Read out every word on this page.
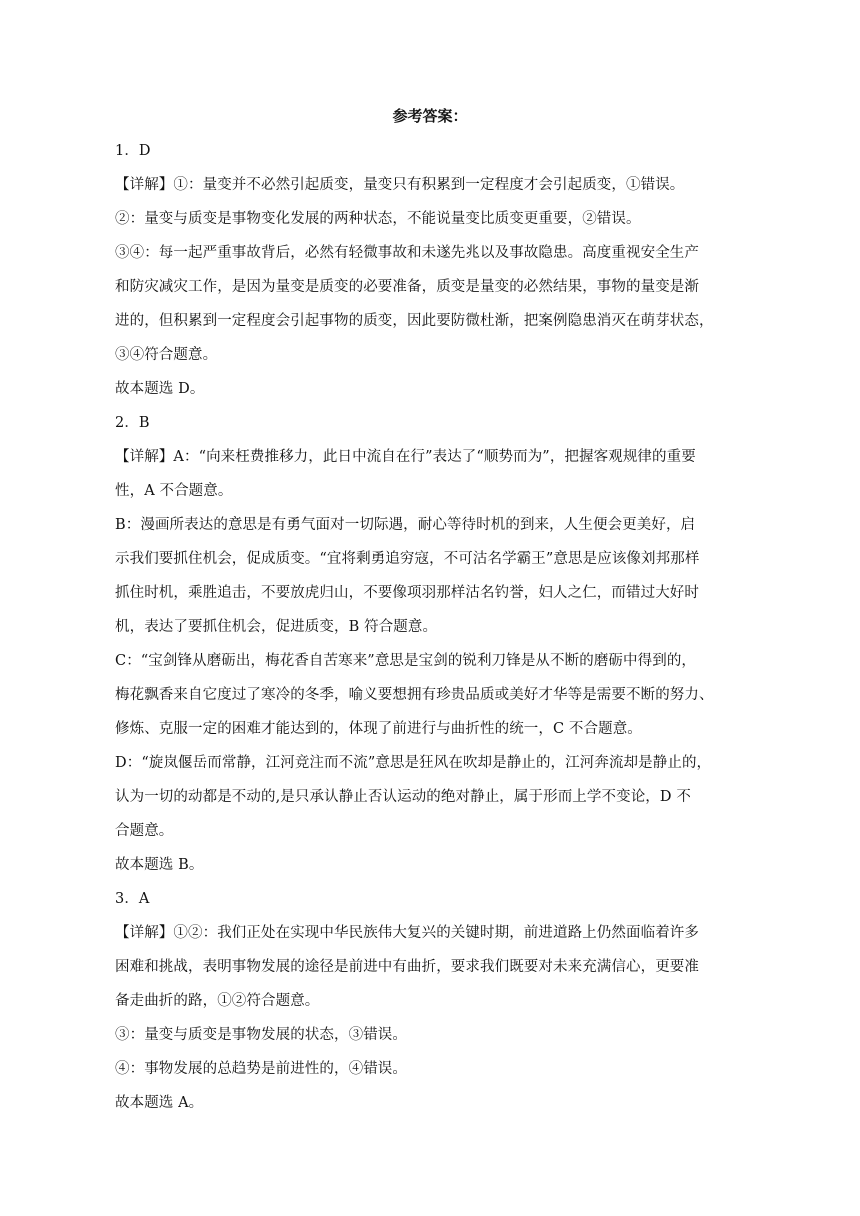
参考答案：
1．D
【详解】①：量变并不必然引起质变，量变只有积累到一定程度才会引起质变，①错误。
②：量变与质变是事物变化发展的两种状态，不能说量变比质变更重要，②错误。
③④：每一起严重事故背后，必然有轻微事故和未遂先兆以及事故隐患。高度重视安全生产
和防灾减灾工作，是因为量变是质变的必要准备，质变是量变的必然结果，事物的量变是渐
进的，但积累到一定程度会引起事物的质变，因此要防微杜渐，把案例隐患消灭在萌芽状态，
③④符合题意。
故本题选 D。
2．B
【详解】A：“向来枉费推移力，此日中流自在行”表达了“顺势而为”，把握客观规律的重要
性，A 不合题意。
B：漫画所表达的意思是有勇气面对一切际遇，耐心等待时机的到来，人生便会更美好，启
示我们要抓住机会，促成质变。“宜将剩勇追穷寇，不可沽名学霸王”意思是应该像刘邦那样
抓住时机，乘胜追击，不要放虎归山，不要像项羽那样沽名钓誉，妇人之仁，而错过大好时
机，表达了要抓住机会，促进质变，B 符合题意。
C：“宝剑锋从磨砺出，梅花香自苦寒来”意思是宝剑的锐利刀锋是从不断的磨砺中得到的，
梅花飘香来自它度过了寒冷的冬季，喻义要想拥有珍贵品质或美好才华等是需要不断的努力、
修炼、克服一定的困难才能达到的，体现了前进行与曲折性的统一，C 不合题意。
D：“旋岚偃岳而常静，江河竞注而不流”意思是狂风在吹却是静止的，江河奔流却是静止的，
认为一切的动都是不动的,是只承认静止否认运动的绝对静止，属于形而上学不变论，D 不
合题意。
故本题选 B。
3．A
【详解】①②：我们正处在实现中华民族伟大复兴的关键时期，前进道路上仍然面临着许多
困难和挑战，表明事物发展的途径是前进中有曲折，要求我们既要对未来充满信心，更要准
备走曲折的路，①②符合题意。
③：量变与质变是事物发展的状态，③错误。
④：事物发展的总趋势是前进性的，④错误。
故本题选 A。
